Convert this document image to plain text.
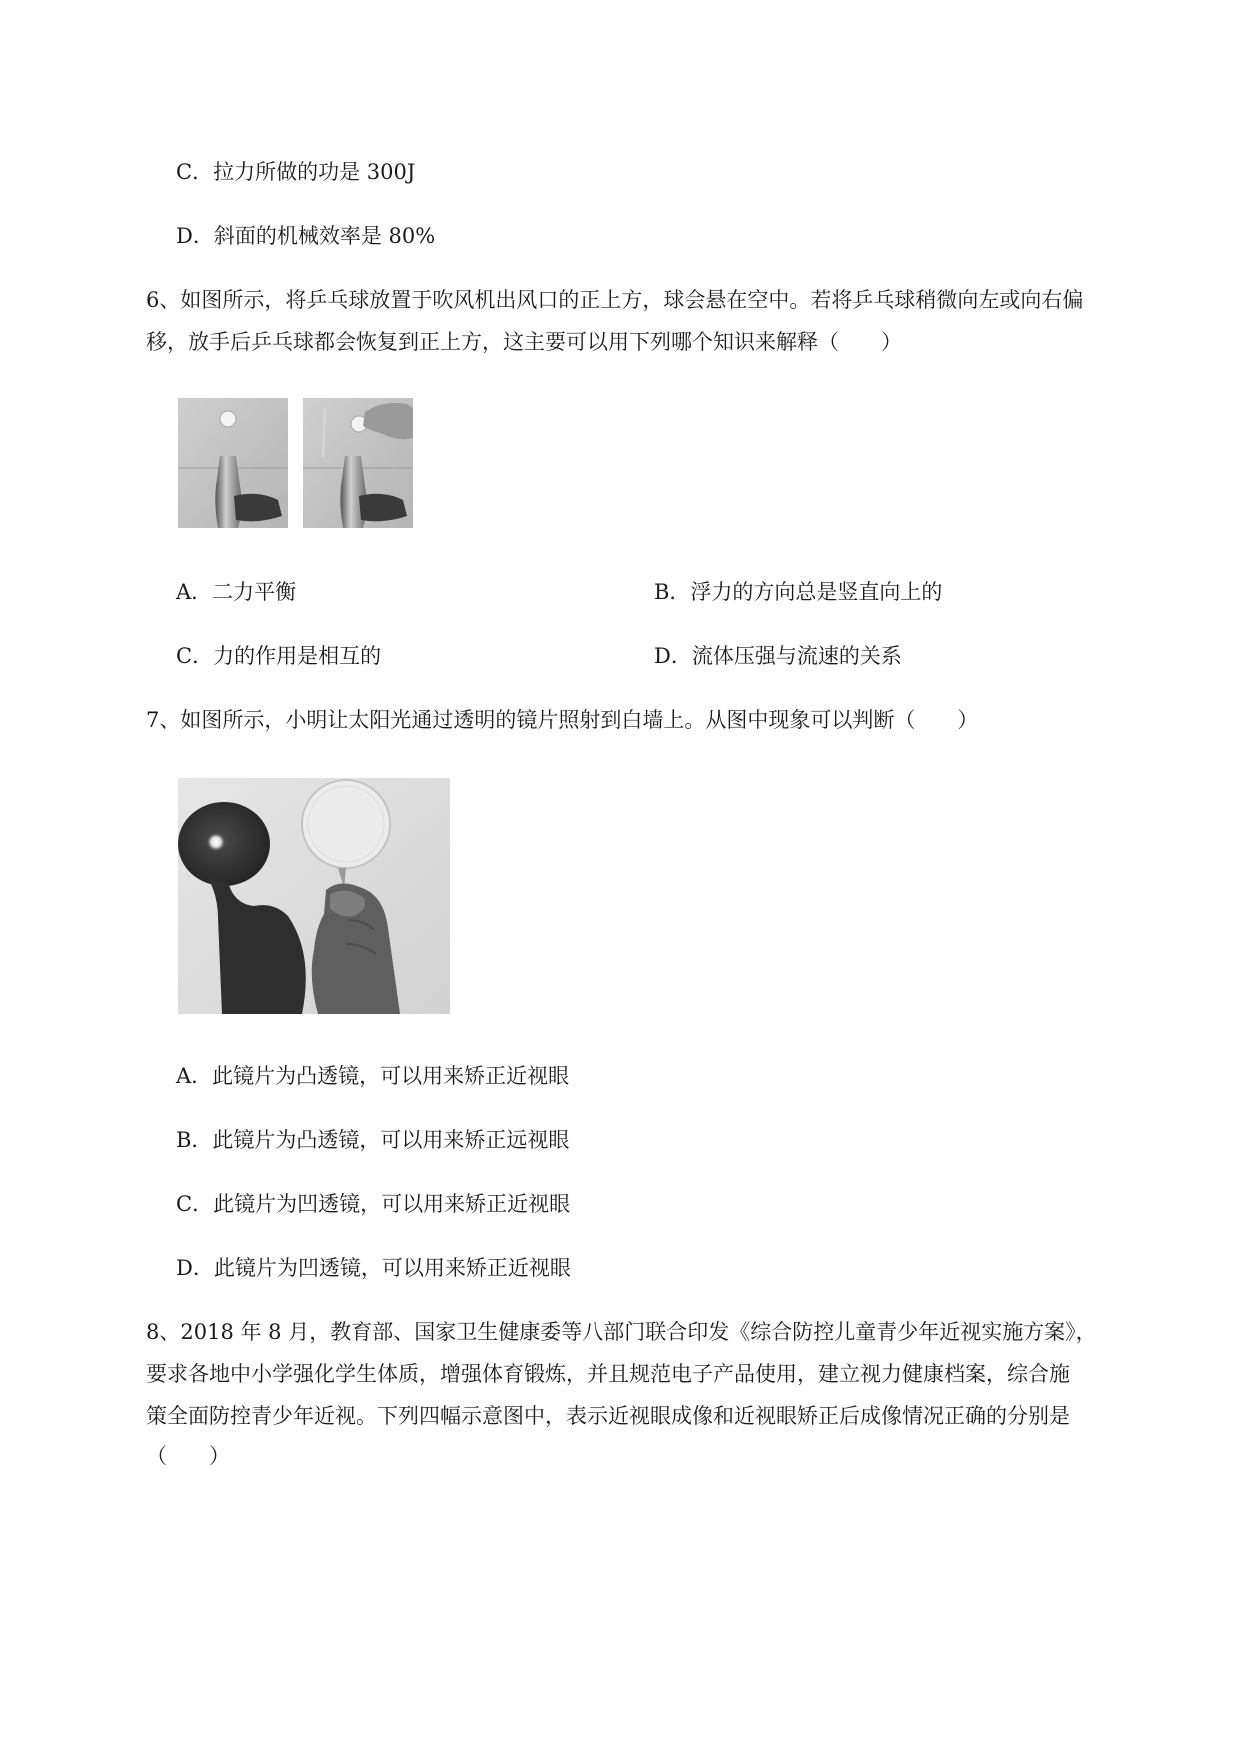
C．拉力所做的功是 300J
D．斜面的机械效率是 80%
6、如图所示，将乒乓球放置于吹风机出风口的正上方，球会悬在空中。若将乒乓球稍微向左或向右偏
移，放手后乒乓球都会恢复到正上方，这主要可以用下列哪个知识来解释（　　）
A．二力平衡	B．浮力的方向总是竖直向上的
C．力的作用是相互的	D．流体压强与流速的关系
7、如图所示，小明让太阳光通过透明的镜片照射到白墙上。从图中现象可以判断（　　）
A．此镜片为凸透镜，可以用来矫正近视眼
B．此镜片为凸透镜，可以用来矫正远视眼
C．此镜片为凹透镜，可以用来矫正近视眼
D．此镜片为凹透镜，可以用来矫正近视眼
8、2018 年 8 月，教育部、国家卫生健康委等八部门联合印发《综合防控儿童青少年近视实施方案》，
要求各地中小学强化学生体质，增强体育锻炼，并且规范电子产品使用，建立视力健康档案，综合施
策全面防控青少年近视。下列四幅示意图中，表示近视眼成像和近视眼矫正后成像情况正确的分别是
（　　）
